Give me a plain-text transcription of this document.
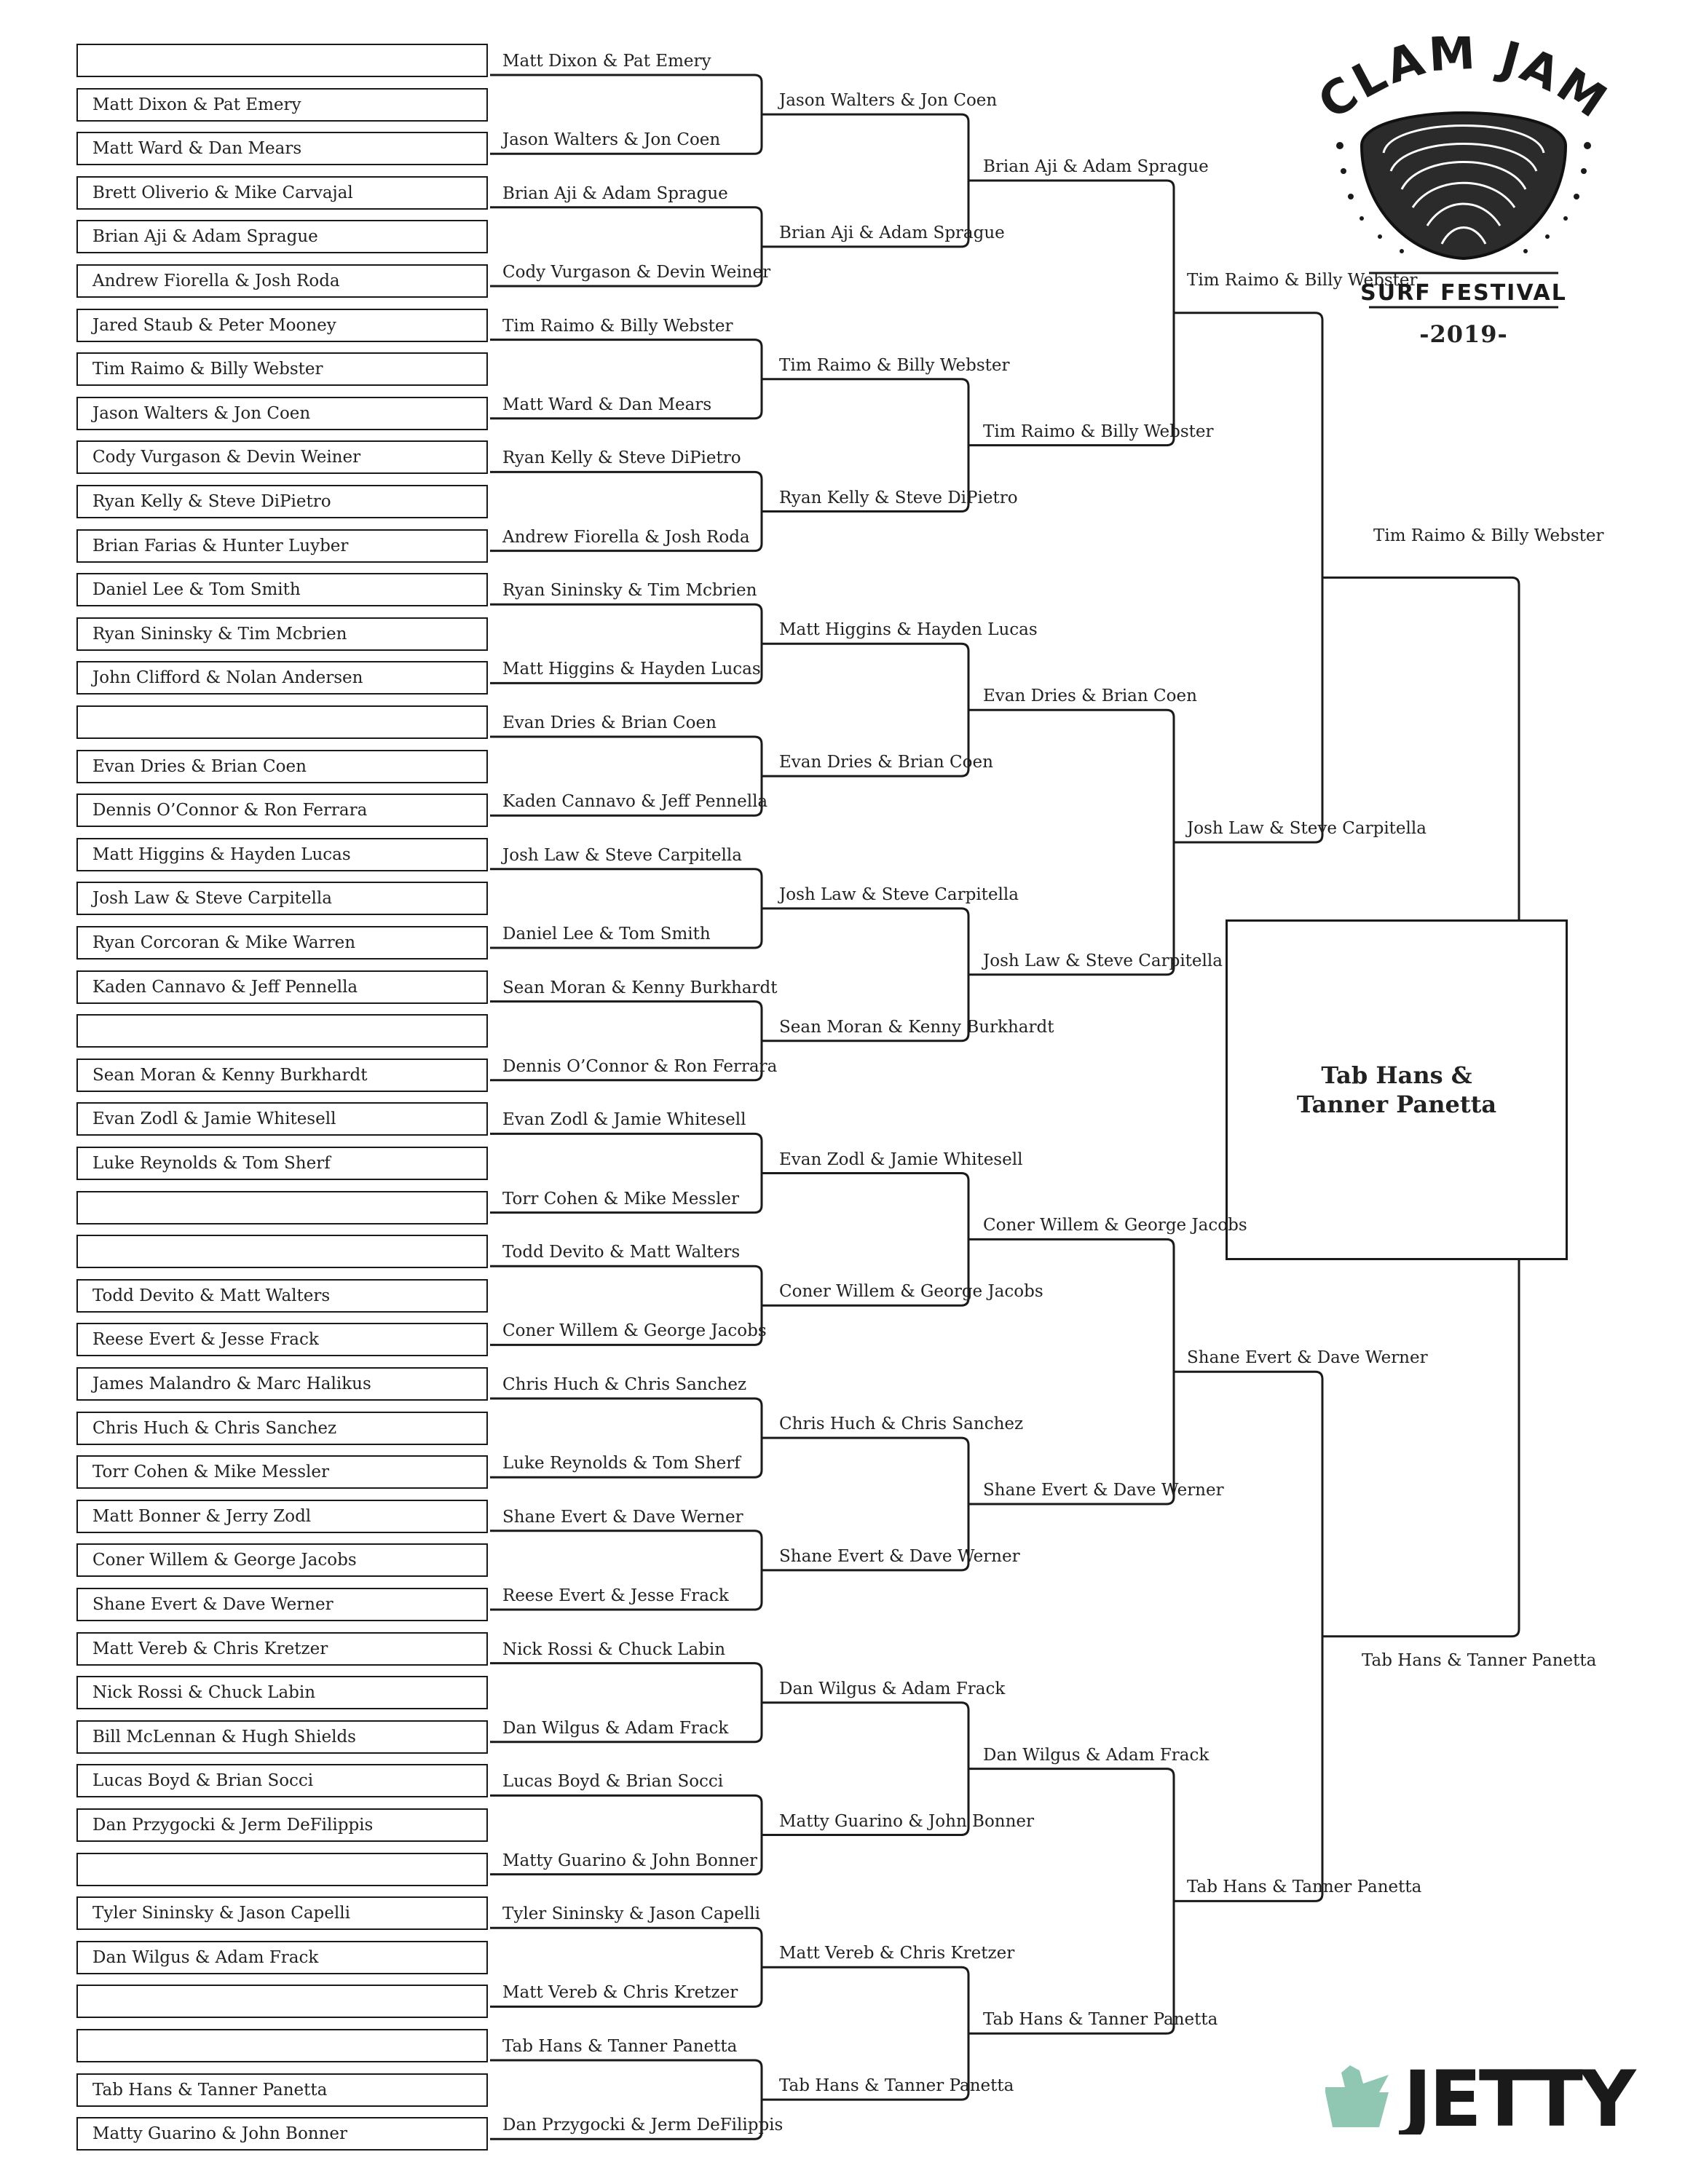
Matt Dixon & Pat Emery
Matt Ward & Dan Mears
Brett Oliverio & Mike Carvajal
Brian Aji & Adam Sprague
Andrew Fiorella & Josh Roda
Jared Staub & Peter Mooney
Tim Raimo & Billy Webster
Jason Walters & Jon Coen
Cody Vurgason & Devin Weiner
Ryan Kelly & Steve DiPietro
Brian Farias & Hunter Luyber
Daniel Lee & Tom Smith
Ryan Sininsky & Tim Mcbrien
John Clifford & Nolan Andersen
Evan Dries & Brian Coen
Dennis O’Connor & Ron Ferrara
Matt Higgins & Hayden Lucas
Josh Law & Steve Carpitella
Ryan Corcoran & Mike Warren
Kaden Cannavo & Jeff Pennella
Sean Moran & Kenny Burkhardt
Evan Zodl & Jamie Whitesell
Luke Reynolds & Tom Sherf
Todd Devito & Matt Walters
Reese Evert & Jesse Frack
James Malandro & Marc Halikus
Chris Huch & Chris Sanchez
Torr Cohen & Mike Messler
Matt Bonner & Jerry Zodl
Coner Willem & George Jacobs
Shane Evert & Dave Werner
Matt Vereb & Chris Kretzer
Nick Rossi & Chuck Labin
Bill McLennan & Hugh Shields
Lucas Boyd & Brian Socci
Dan Przygocki & Jerm DeFilippis
Tyler Sininsky & Jason Capelli
Dan Wilgus & Adam Frack
Tab Hans & Tanner Panetta
Matty Guarino & John Bonner
Matt Dixon & Pat Emery
Jason Walters & Jon Coen
Brian Aji & Adam Sprague
Cody Vurgason & Devin Weiner
Tim Raimo & Billy Webster
Matt Ward & Dan Mears
Ryan Kelly & Steve DiPietro
Andrew Fiorella & Josh Roda
Ryan Sininsky & Tim Mcbrien
Matt Higgins & Hayden Lucas
Evan Dries & Brian Coen
Kaden Cannavo & Jeff Pennella
Josh Law & Steve Carpitella
Daniel Lee & Tom Smith
Sean Moran & Kenny Burkhardt
Dennis O’Connor & Ron Ferrara
Evan Zodl & Jamie Whitesell
Torr Cohen & Mike Messler
Todd Devito & Matt Walters
Coner Willem & George Jacobs
Chris Huch & Chris Sanchez
Luke Reynolds & Tom Sherf
Shane Evert & Dave Werner
Reese Evert & Jesse Frack
Nick Rossi & Chuck Labin
Dan Wilgus & Adam Frack
Lucas Boyd & Brian Socci
Matty Guarino & John Bonner
Tyler Sininsky & Jason Capelli
Matt Vereb & Chris Kretzer
Tab Hans & Tanner Panetta
Dan Przygocki & Jerm DeFilippis
Jason Walters & Jon Coen
Brian Aji & Adam Sprague
Tim Raimo & Billy Webster
Ryan Kelly & Steve DiPietro
Matt Higgins & Hayden Lucas
Evan Dries & Brian Coen
Josh Law & Steve Carpitella
Sean Moran & Kenny Burkhardt
Evan Zodl & Jamie Whitesell
Coner Willem & George Jacobs
Chris Huch & Chris Sanchez
Shane Evert & Dave Werner
Dan Wilgus & Adam Frack
Matty Guarino & John Bonner
Matt Vereb & Chris Kretzer
Tab Hans & Tanner Panetta
Brian Aji & Adam Sprague
Tim Raimo & Billy Webster
Evan Dries & Brian Coen
Josh Law & Steve Carpitella
Coner Willem & George Jacobs
Shane Evert & Dave Werner
Dan Wilgus & Adam Frack
Tab Hans & Tanner Panetta
Tim Raimo & Billy Webster
Josh Law & Steve Carpitella
Shane Evert & Dave Werner
Tab Hans & Tanner Panetta
Tim Raimo & Billy Webster
Tab Hans & Tanner Panetta
Tab Hans &
Tanner Panetta
CLAM JAM
SURF FESTIVAL
-2019-
JETTY
